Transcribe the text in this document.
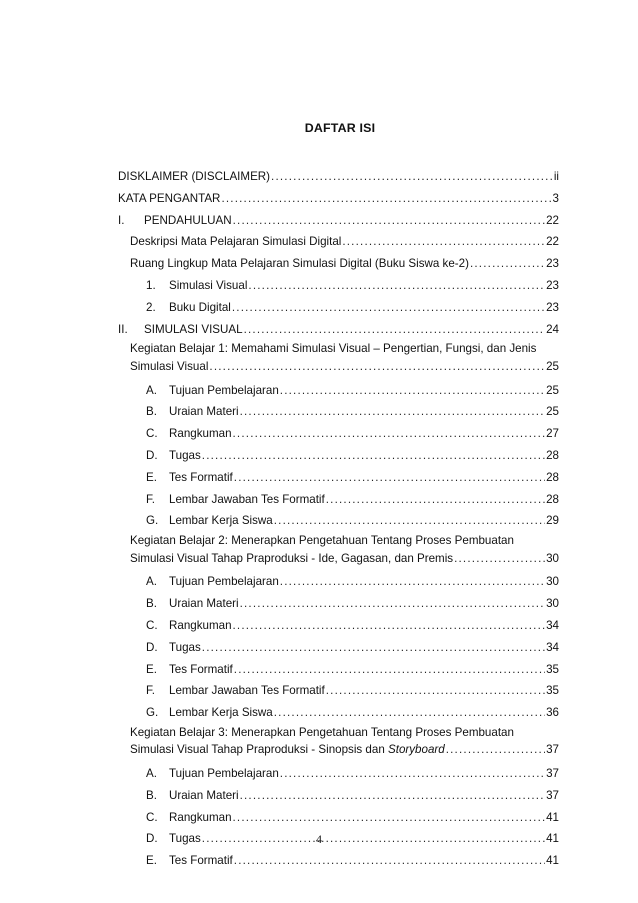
DAFTAR ISI
DISKLAIMER (DISCLAIMER) .....	ii
KATA PENGANTAR .....	3
I.	PENDAHULUAN .....	22
Deskripsi Mata Pelajaran Simulasi Digital .....	22
Ruang Lingkup Mata Pelajaran Simulasi Digital (Buku Siswa ke-2) .....	23
1.	Simulasi Visual .....	23
2.	Buku Digital .....	23
II.	SIMULASI VISUAL .....	24
Kegiatan Belajar 1: Memahami Simulasi Visual – Pengertian, Fungsi, dan Jenis
Simulasi Visual .....	25
A.	Tujuan Pembelajaran .....	25
B.	Uraian Materi .....	25
C. Rangkuman .....	27
D. Tugas .....	28
E.	Tes Formatif .....	28
F.	Lembar Jawaban Tes Formatif .....	28
G. Lembar Kerja Siswa .....	29
Kegiatan Belajar 2: Menerapkan Pengetahuan Tentang Proses Pembuatan
Simulasi Visual Tahap Praproduksi - Ide, Gagasan, dan Premis .....	30
A.	Tujuan Pembelajaran .....	30
B.	Uraian Materi .....	30
C. Rangkuman .....	34
D. Tugas .....	34
E.	Tes Formatif .....	35
F.	Lembar Jawaban Tes Formatif .....	35
G. Lembar Kerja Siswa .....	36
Kegiatan Belajar 3: Menerapkan Pengetahuan Tentang Proses Pembuatan
Simulasi Visual Tahap Praproduksi - Sinopsis dan Storyboard .....	37
A.	Tujuan Pembelajaran .....	37
B.	Uraian Materi .....	37
C. Rangkuman .....	41
D. Tugas .....	41
E.	Tes Formatif .....	41
4
